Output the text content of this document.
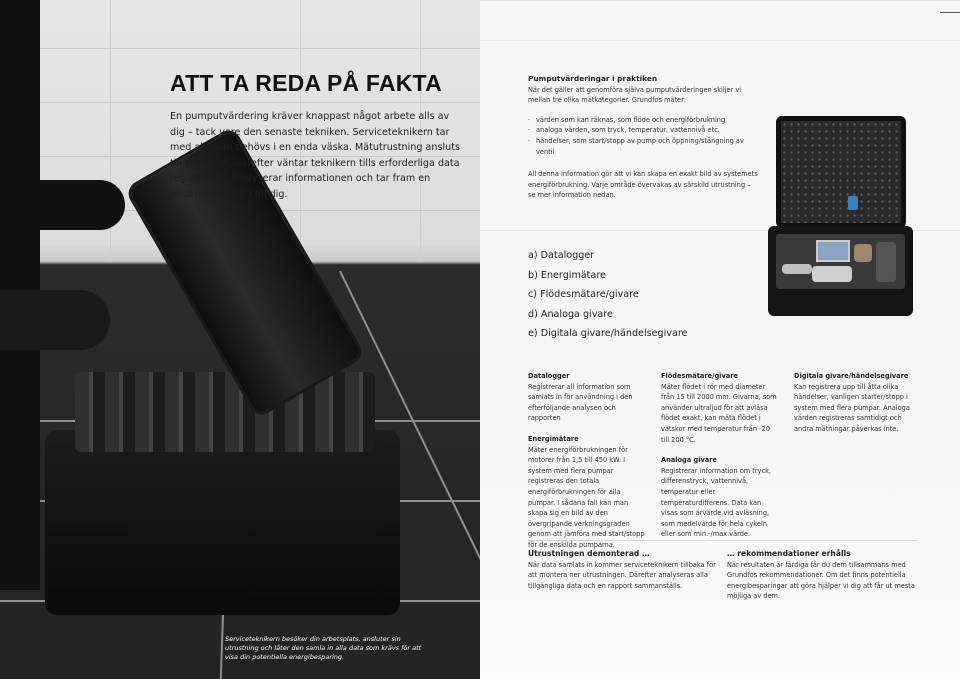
Serviceteknikern besöker din arbetsplats, ansluter sin utrustning och låter den samla in alla data som krävs för att visa din potentiella energibesparing.
ATT TA REDA PÅ FAKTA

En pumputvärdering kräver knappast något arbete alls av dig – tack vare den senaste tekniken. Serviceteknikern tar med allt som behövs i en enda väska. Mätutrustning ansluts till systemet, därefter väntar teknikern tills erforderliga data registrerats, analyserar informationen och tar fram en rekommendation till dig.

Pumputvärderingar i praktiken

När det gäller att genomföra själva pumputvärderingen skiljer vi mellan tre olika mätkategorier. Grundfos mäter:

· värden som kan räknas, som flöde och energiförbrukning
· analoga värden, som tryck, temperatur, vattennivå etc.
· händelser, som start/stopp av pump och öppning/stängning av ventil

All denna information gör att vi kan skapa en exakt bild av systemets energiförbrukning. Varje område övervakas av särskild utrustning – se mer information nedan.

a) Datalogger
b) Energimätare
c) Flödesmätare/givare
d) Analoga givare
e) Digitala givare/händelsegivare
Datalogger

Registrerar all information som samlats in för användning i den efterföljande analysen och rapporten

Energimätare

Mäter energiförbrukningen för motorer från 1,5 till 450 kW. I system med flera pumpar registreras den totala energiförbrukningen för alla pumpar. I sådana fall kan man skapa sig en bild av den övergripande verkningsgraden genom att jämföra med start/stopp för de enskilda pumparna.

Flödesmätare/givare

Mäter flödet i rör med diameter från 15 till 2000 mm. Givarna, som använder ultraljud för att avläsa flödet exakt, kan mäta flödet i vätskor med temperatur från -20 till 200 °C.

Analoga givare

Registrerar information om tryck, differenstryck, vattennivå, temperatur eller temperaturdifferens. Data kan visas som ärvärde vid avläsning, som medelvärde för hela cykeln eller som min.-/max.värde.

Digitala givare/händelsegivare

Kan registrera upp till åtta olika händelser, vanligen starter/stopp i system med flera pumpar. Analoga värden registreras samtidigt och andra mätningar påverkas inte.

Utrustningen demonterad …

När data samlats in kommer serviceteknikern tillbaka för att montera ner utrustningen. Därefter analyseras alla tillgängliga data och en rapport sammanställs.

… rekommendationer erhålls

När resultaten är färdiga får du dem tillsammans med Grundfos rekommendationer. Om det finns potentiella energibesparingar att göra hjälper vi dig att får ut mesta möjliga av dem.
